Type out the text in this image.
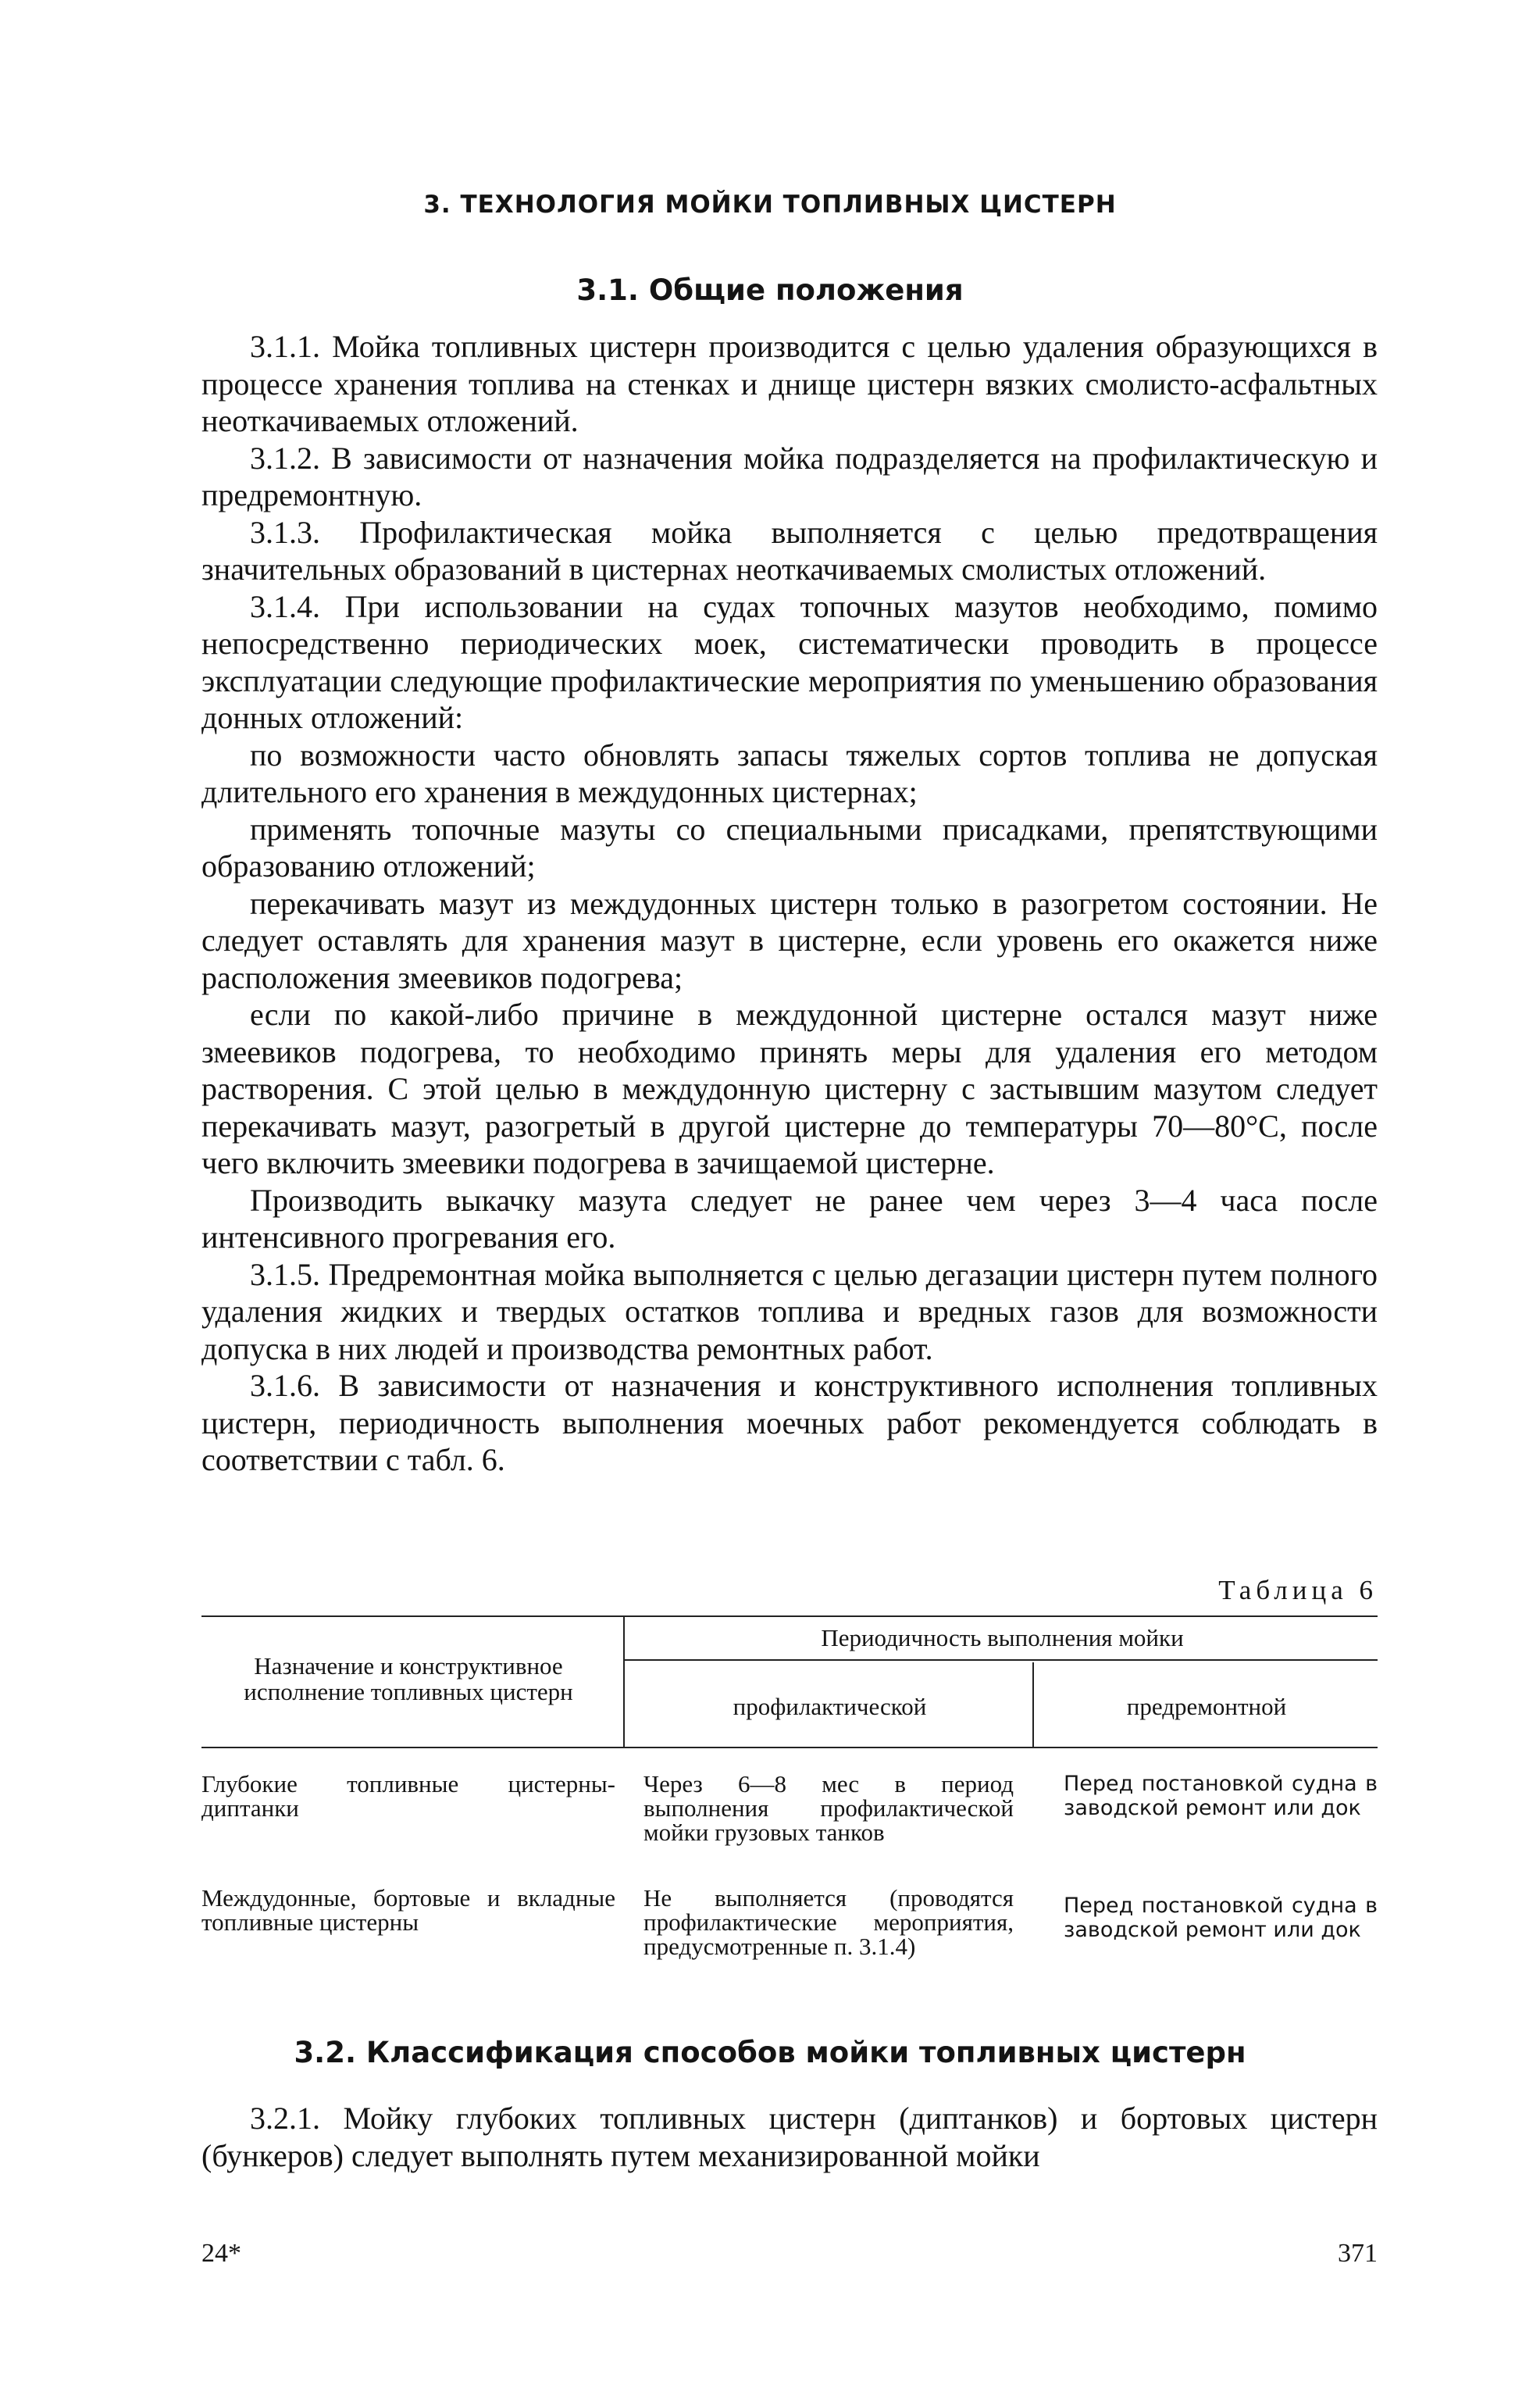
3. ТЕХНОЛОГИЯ МОЙКИ ТОПЛИВНЫХ ЦИСТЕРН
3.1. Общие положения

3.1.1. Мойка топливных цистерн производится с целью удаления образующихся в процессе хранения топлива на стенках и днище цистерн вязких смолисто-асфальтных неоткачиваемых отложений.

3.1.2. В зависимости от назначения мойка подразделяется на профилактическую и предремонтную.

3.1.3. Профилактическая мойка выполняется с целью предотвращения значительных образований в цистернах неоткачиваемых смолистых отложений.

3.1.4. При использовании на судах топочных мазутов необходимо, помимо непосредственно периодических моек, систематически проводить в процессе эксплуатации следующие профилактические мероприятия по уменьшению образования донных отложений:

по возможности часто обновлять запасы тяжелых сортов топлива не допуская длительного его хранения в междудонных цистернах;

применять топочные мазуты со специальными присадками, препятствующими образованию отложений;

перекачивать мазут из междудонных цистерн только в разогретом состоянии. Не следует оставлять для хранения мазут в цистерне, если уровень его окажется ниже расположения змеевиков подогрева;

если по какой-либо причине в междудонной цистерне остался мазут ниже змеевиков подогрева, то необходимо принять меры для удаления его методом растворения. С этой целью в междудонную цистерну с застывшим мазутом следует перекачивать мазут, разогретый в другой цистерне до температуры 70—80°С, после чего включить змеевики подогрева в зачищаемой цистерне.

Производить выкачку мазута следует не ранее чем через 3—4 часа после интенсивного прогревания его.

3.1.5. Предремонтная мойка выполняется с целью дегазации цистерн путем полного удаления жидких и твердых остатков топлива и вредных газов для возможности допуска в них людей и производства ремонтных работ.

3.1.6. В зависимости от назначения и конструктивного исполнения топливных цистерн, периодичность выполнения моечных работ рекомендуется соблюдать в соответствии с табл. 6.

Таблица 6
Назначение и конструктивное исполнение топливных цистерн
Периодичность выполнения мойки
профилактической	предремонтной
Глубокие топливные цистерны-диптанки
Через 6—8 мес в период выполнения профилактической мойки грузовых танков
Перед постановкой судна в заводской ремонт или док
Междудонные, бортовые и вкладные топливные цистерны
Не выполняется (проводятся профилактические мероприятия, предусмотренные п. 3.1.4)
Перед постановкой судна в заводской ремонт или док
3.2. Классификация способов мойки топливных цистерн

3.2.1. Мойку глубоких топливных цистерн (диптанков) и бортовых цистерн (бункеров) следует выполнять путем механизированной мойки

24*	371
